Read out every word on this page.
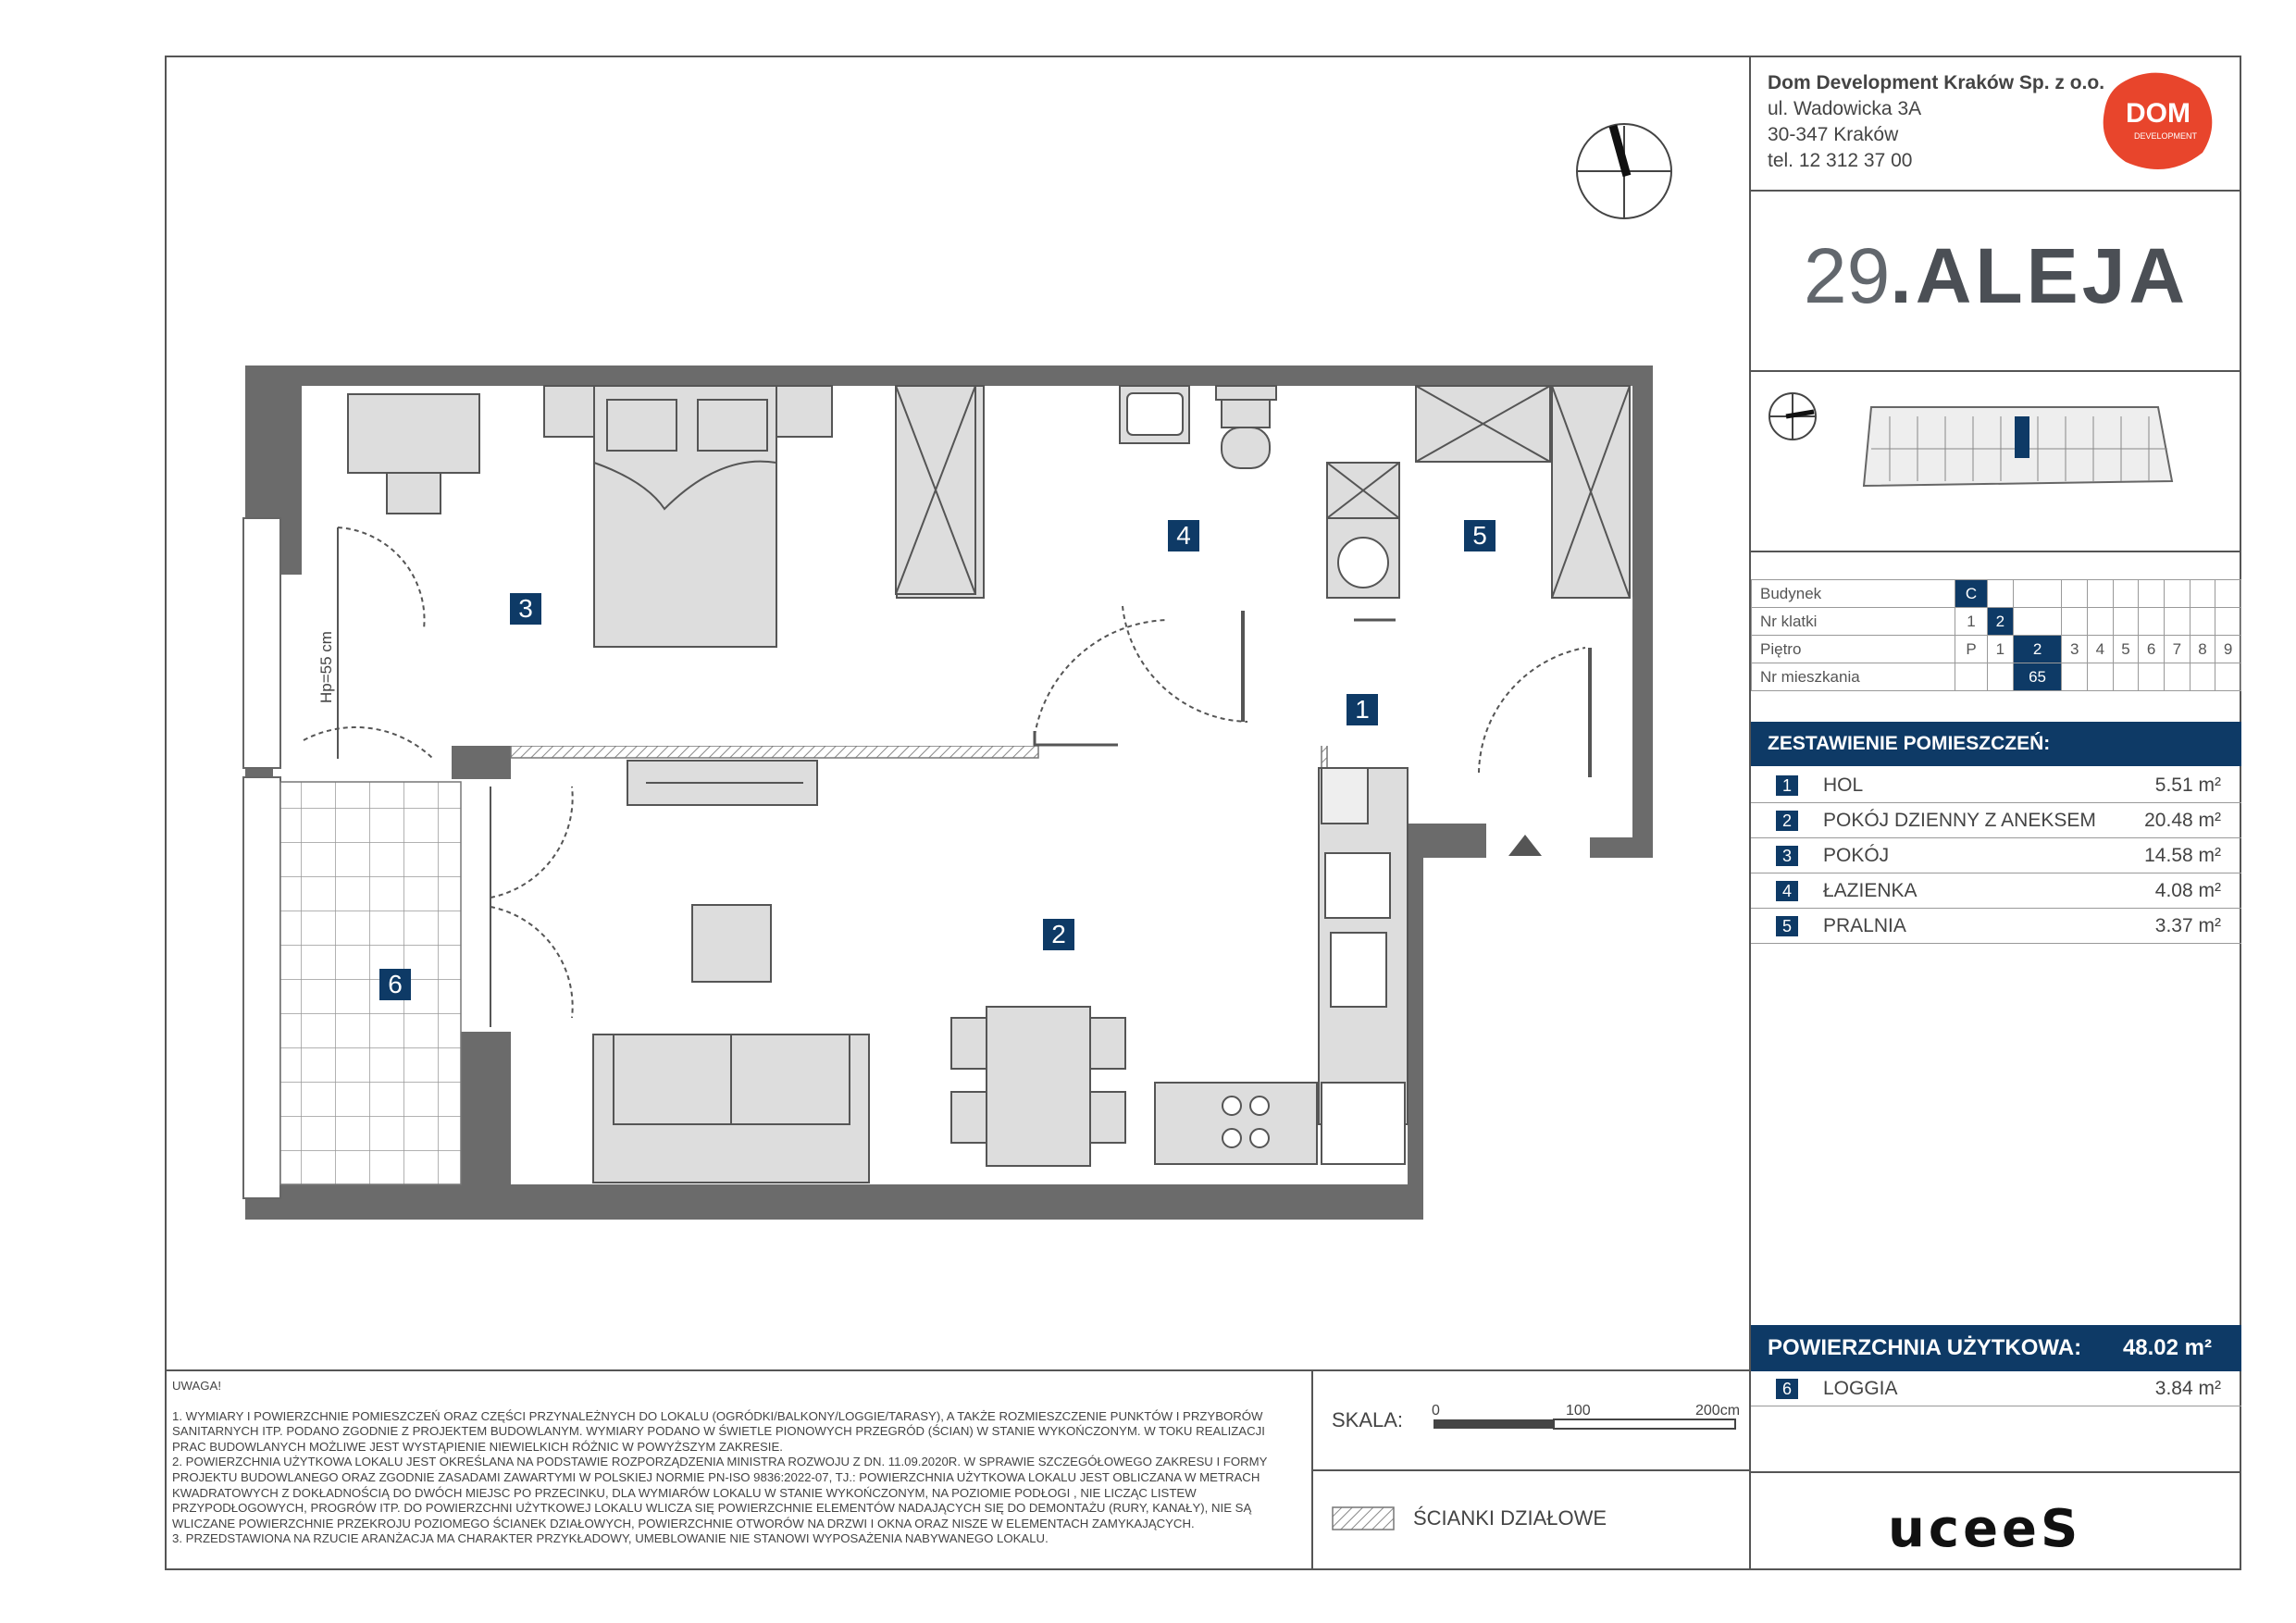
Hp=55 cm
3
4	5
1
2
6
Dom Development Kraków Sp. z o.o.
ul. Wadowicka 3A
30-347 Kraków
tel. 12 312 37 00
DOM
DEVELOPMENT
29.ALEJA
Budynek	C									
Nr klatki	1	2								
Piętro	P	1	2	3	4	5	6	7	8	9
Nr mieszkania			65							
ZESTAWIENIE POMIESZCZEŃ:
1	HOL	5.51 m²
2	POKÓJ DZIENNY Z ANEKSEM 20.48 m²
3	POKÓJ	14.58 m²
4	ŁAZIENKA	4.08 m²
5	PRALNIA	3.37 m²
POWIERZCHNIA UŻYTKOWA: 48.02 m²
6	LOGGIA	3.84 m²
UWAGA!
1. WYMIARY I POWIERZCHNIE POMIESZCZEŃ ORAZ CZĘŚCI PRZYNALEŻNYCH DO LOKALU (OGRÓDKI/BALKONY/LOGGIE/TARASY), A TAKŻE ROZMIESZCZENIE PUNKTÓW I PRZYBORÓW SANITARNYCH ITP. PODANO ZGODNIE Z PROJEKTEM BUDOWLANYM. WYMIARY PODANO W ŚWIETLE PIONOWYCH PRZEGRÓD (ŚCIAN) W STANIE WYKOŃCZONYM. W TOKU REALIZACJI PRAC BUDOWLANYCH MOŻLIWE JEST WYSTĄPIENIE NIEWIELKICH RÓŻNIC W POWYŻSZYM ZAKRESIE.
2. POWIERZCHNIA UŻYTKOWA LOKALU JEST OKREŚLANA NA PODSTAWIE ROZPORZĄDZENIA MINISTRA ROZWOJU Z DN. 11.09.2020R. W SPRAWIE SZCZEGÓŁOWEGO ZAKRESU I FORMY PROJEKTU BUDOWLANEGO ORAZ ZGODNIE ZASADAMI ZAWARTYMI W POLSKIEJ NORMIE PN-ISO 9836:2022-07, TJ.: POWIERZCHNIA UŻYTKOWA LOKALU JEST OBLICZANA W METRACH KWADRATOWYCH Z DOKŁADNOŚCIĄ DO DWÓCH MIEJSC PO PRZECINKU, DLA WYMIARÓW LOKALU W STANIE WYKOŃCZONYM, NA POZIOMIE PODŁOGI , NIE LICZĄC LISTEW PRZYPODŁOGOWYCH, PROGRÓW ITP. DO POWIERZCHNI UŻYTKOWEJ LOKALU WLICZA SIĘ POWIERZCHNIE ELEMENTÓW NADAJĄCYCH SIĘ DO DEMONTAŻU (RURY, KANAŁY), NIE SĄ WLICZANE POWIERZCHNIE PRZEKROJU POZIOMEGO ŚCIANEK DZIAŁOWYCH, POWIERZCHNIE OTWORÓW NA DRZWI I OKNA ORAZ NISZE W ELEMENTACH ZAMYKAJĄCYCH.
3. PRZEDSTAWIONA NA RZUCIE ARANŻACJA MA CHARAKTER PRZYKŁADOWY, UMEBLOWANIE NIE STANOWI WYPOSAŻENIA NABYWANEGO LOKALU.
SKALA: 0	100	200cm
ŚCIANKI DZIAŁOWE	uceeS
